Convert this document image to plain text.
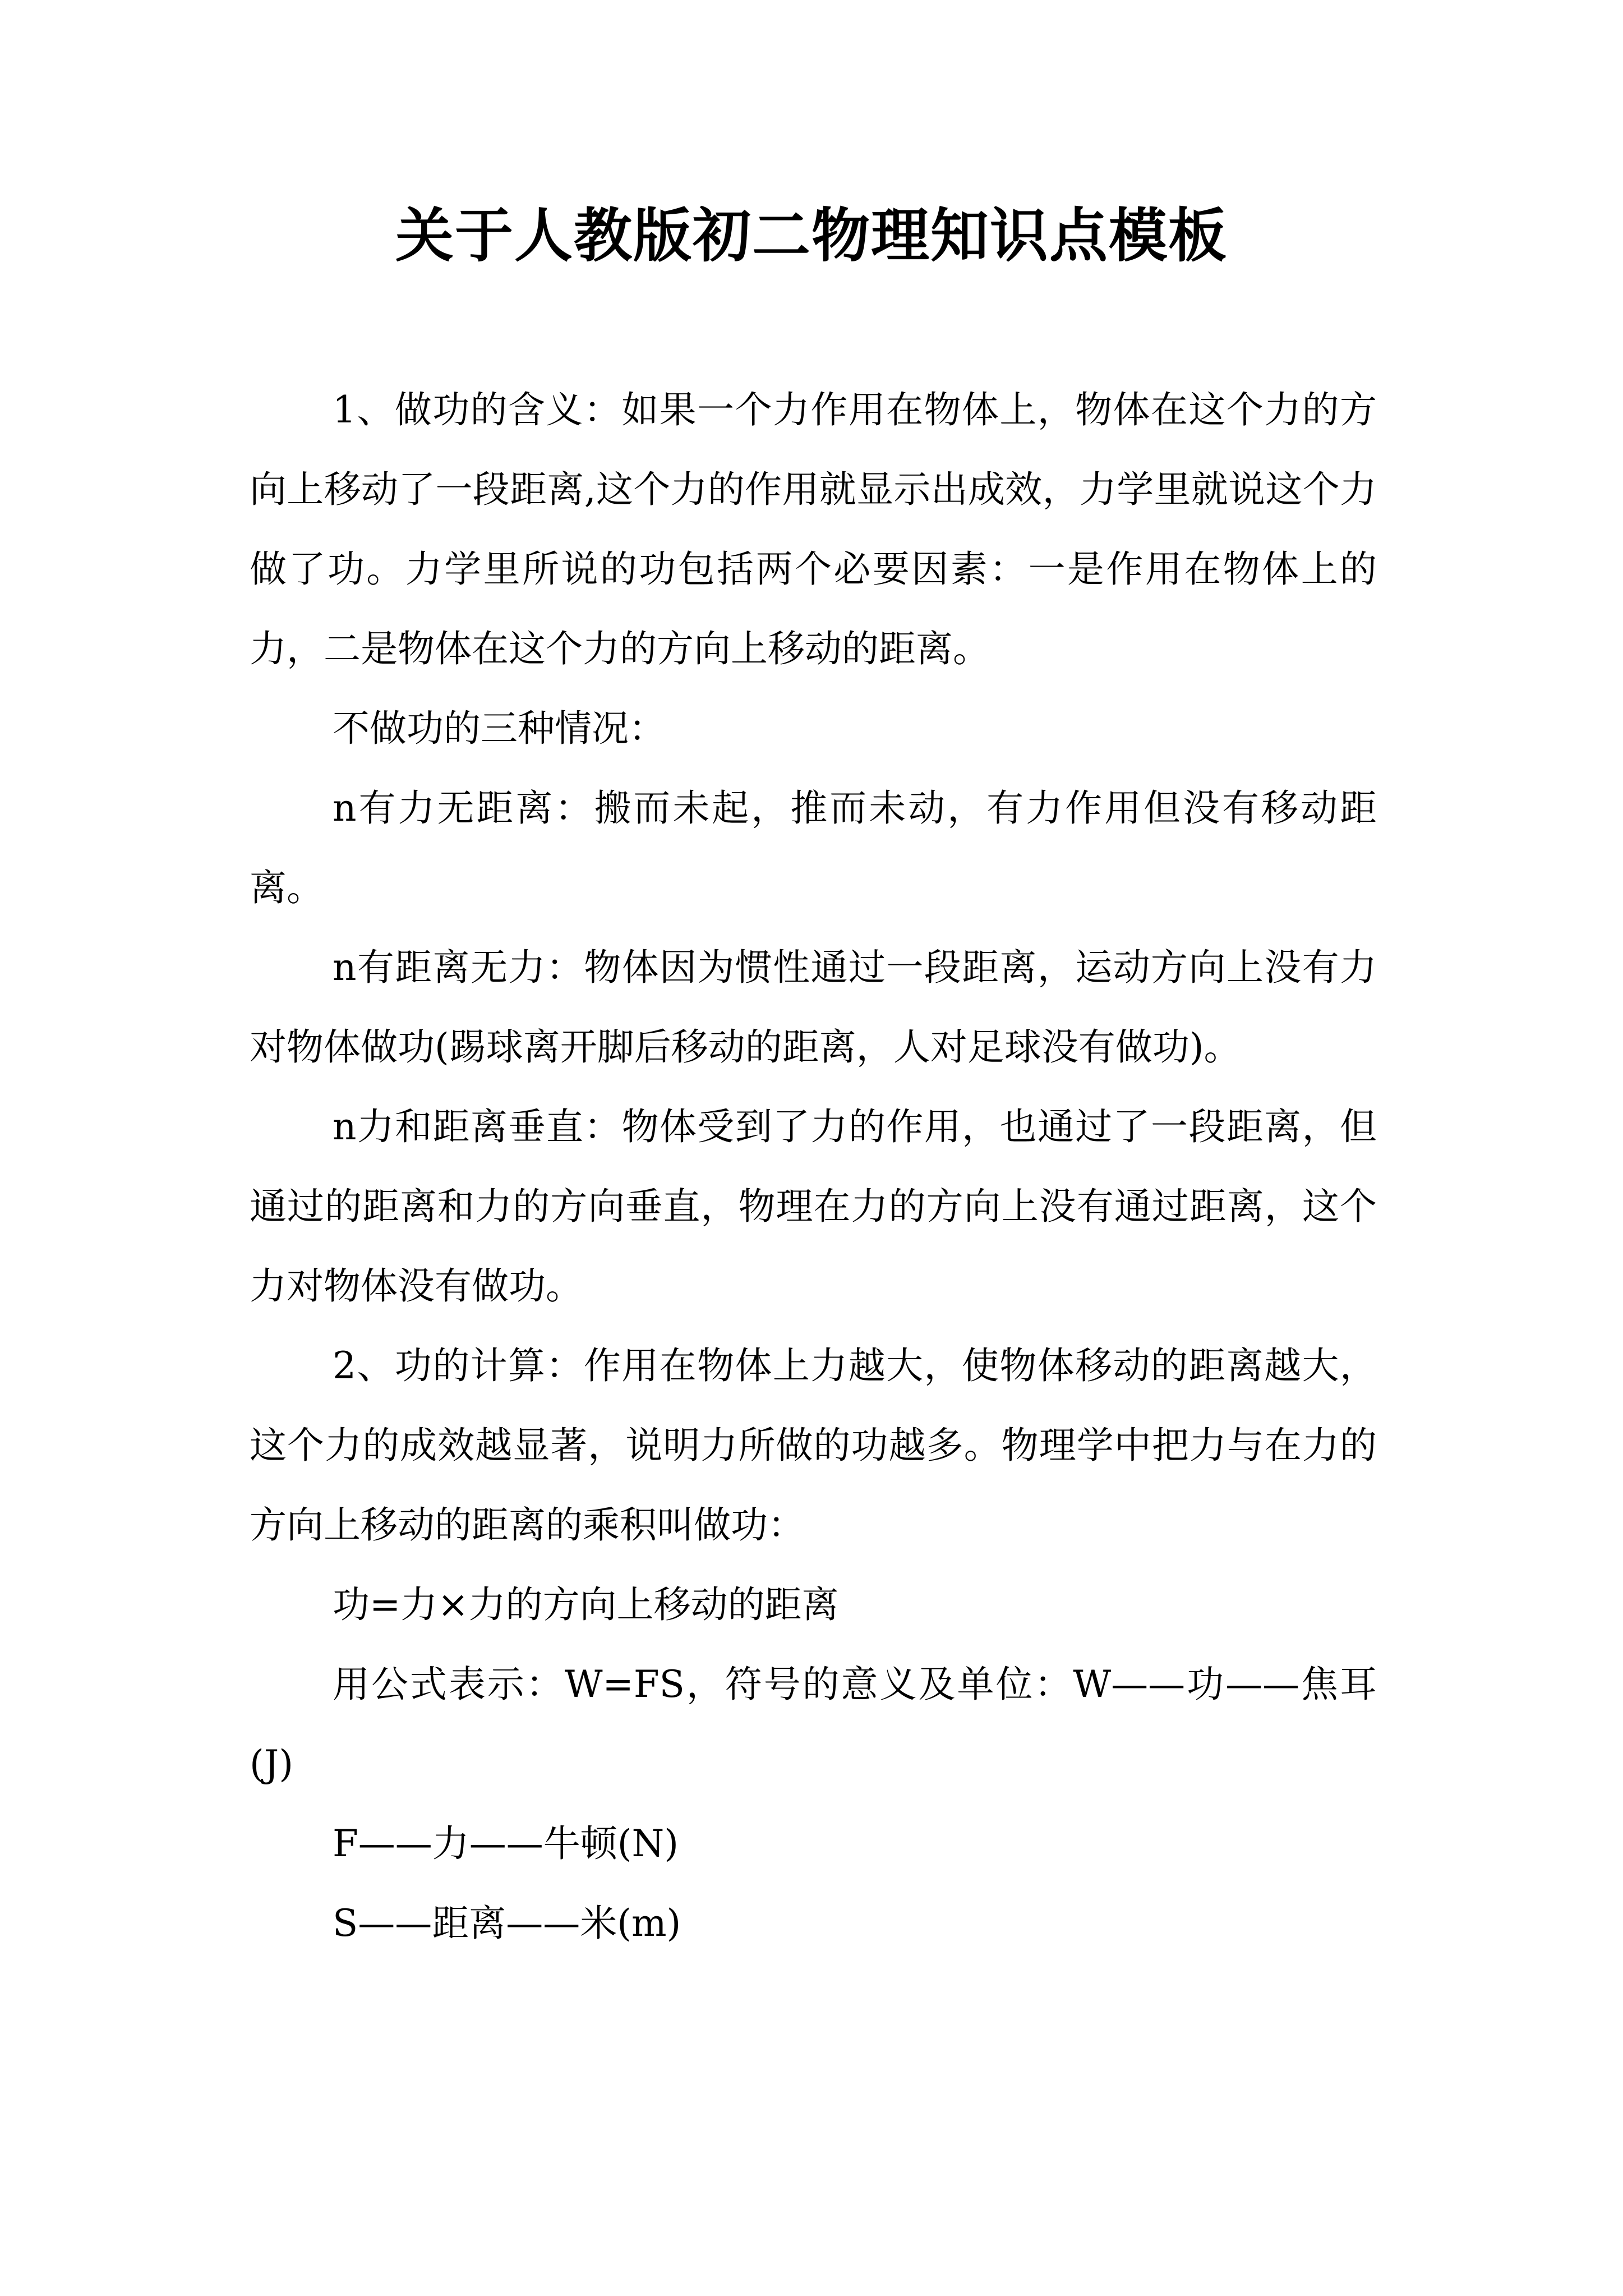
关于人教版初二物理知识点模板

1、做功的含义：如果一个力作用在物体上，物体在这个力的方向上移动了一段距离,这个力的作用就显示出成效，力学里就说这个力做了功。力学里所说的功包括两个必要因素：一是作用在物体上的力，二是物体在这个力的方向上移动的距离。

不做功的三种情况：

n有力无距离：搬而未起，推而未动，有力作用但没有移动距离。

n有距离无力：物体因为惯性通过一段距离，运动方向上没有力对物体做功(踢球离开脚后移动的距离，人对足球没有做功)。

n力和距离垂直：物体受到了力的作用，也通过了一段距离，但通过的距离和力的方向垂直，物理在力的方向上没有通过距离，这个力对物体没有做功。

2、功的计算：作用在物体上力越大，使物体移动的距离越大，这个力的成效越显著，说明力所做的功越多。物理学中把力与在力的方向上移动的距离的乘积叫做功：

功=力×力的方向上移动的距离

用公式表示：W=FS，符号的意义及单位：W——功——焦耳(J)

F——力——牛顿(N)

S——距离——米(m)
